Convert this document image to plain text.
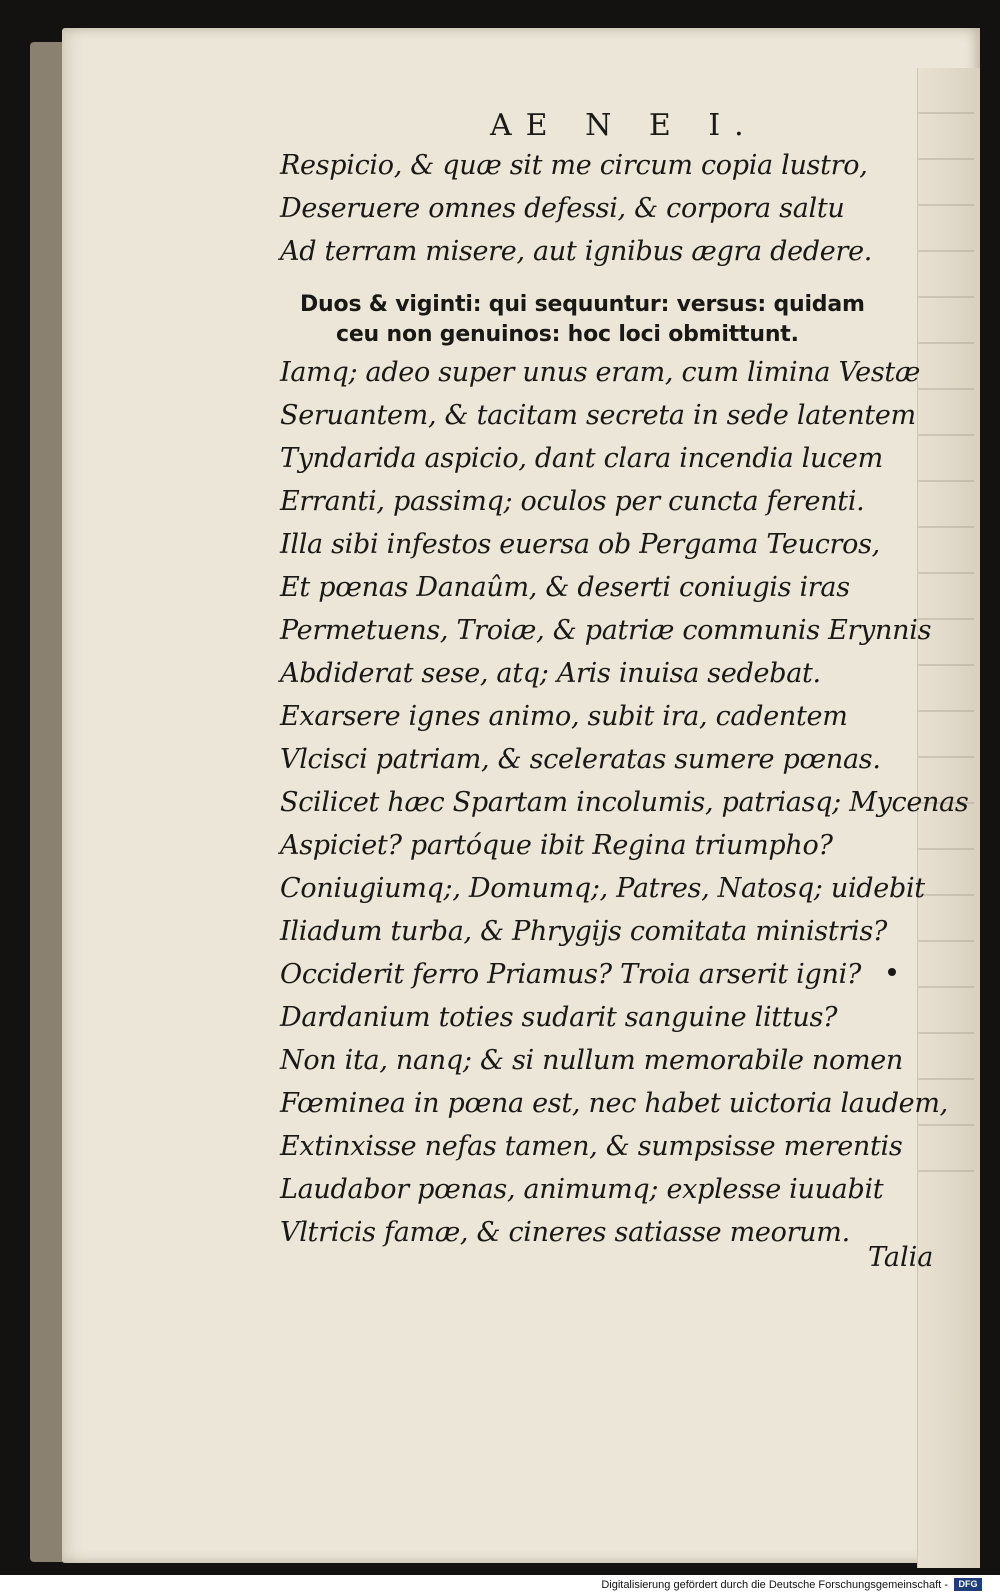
AE N E I.
Respicio, & quæ sit me circum copia lustro,
Deseruere omnes defessi, & corpora saltu
Ad terram misere, aut ignibus ægra dedere.
Duos & viginti: qui sequuntur: versus: quidam
ceu non genuinos: hoc loci obmittunt.
Iamq; adeo super unus eram, cum limina Vestæ
Seruantem, & tacitam secreta in sede latentem
Tyndarida aspicio, dant clara incendia lucem
Erranti, passimq; oculos per cuncta ferenti.
Illa sibi infestos euersa ob Pergama Teucros,
Et pœnas Danaûm, & deserti coniugis iras
Permetuens, Troiæ, & patriæ communis Erynnis
Abdiderat sese, atq; Aris inuisa sedebat.
Exarsere ignes animo, subit ira, cadentem
Vlcisci patriam, & sceleratas sumere pœnas.
Scilicet hæc Spartam incolumis, patriasq; Mycenas
Aspiciet? partóque ibit Regina triumpho?
Coniugiumq;, Domumq;, Patres, Natosq; uidebit
Iliadum turba, & Phrygijs comitata ministris?
Occiderit ferro Priamus? Troia arserit igni?
Dardanium toties sudarit sanguine littus?
Non ita, nanq; & si nullum memorabile nomen
Fœminea in pœna est, nec habet uictoria laudem,
Extinxisse nefas tamen, & sumpsisse merentis
Laudabor pœnas, animumq; explesse iuuabit
Vltricis famæ, & cineres satiasse meorum.
Talia
Digitalisierung gefördert durch die Deutsche Forschungsgemeinschaft -	DFG
